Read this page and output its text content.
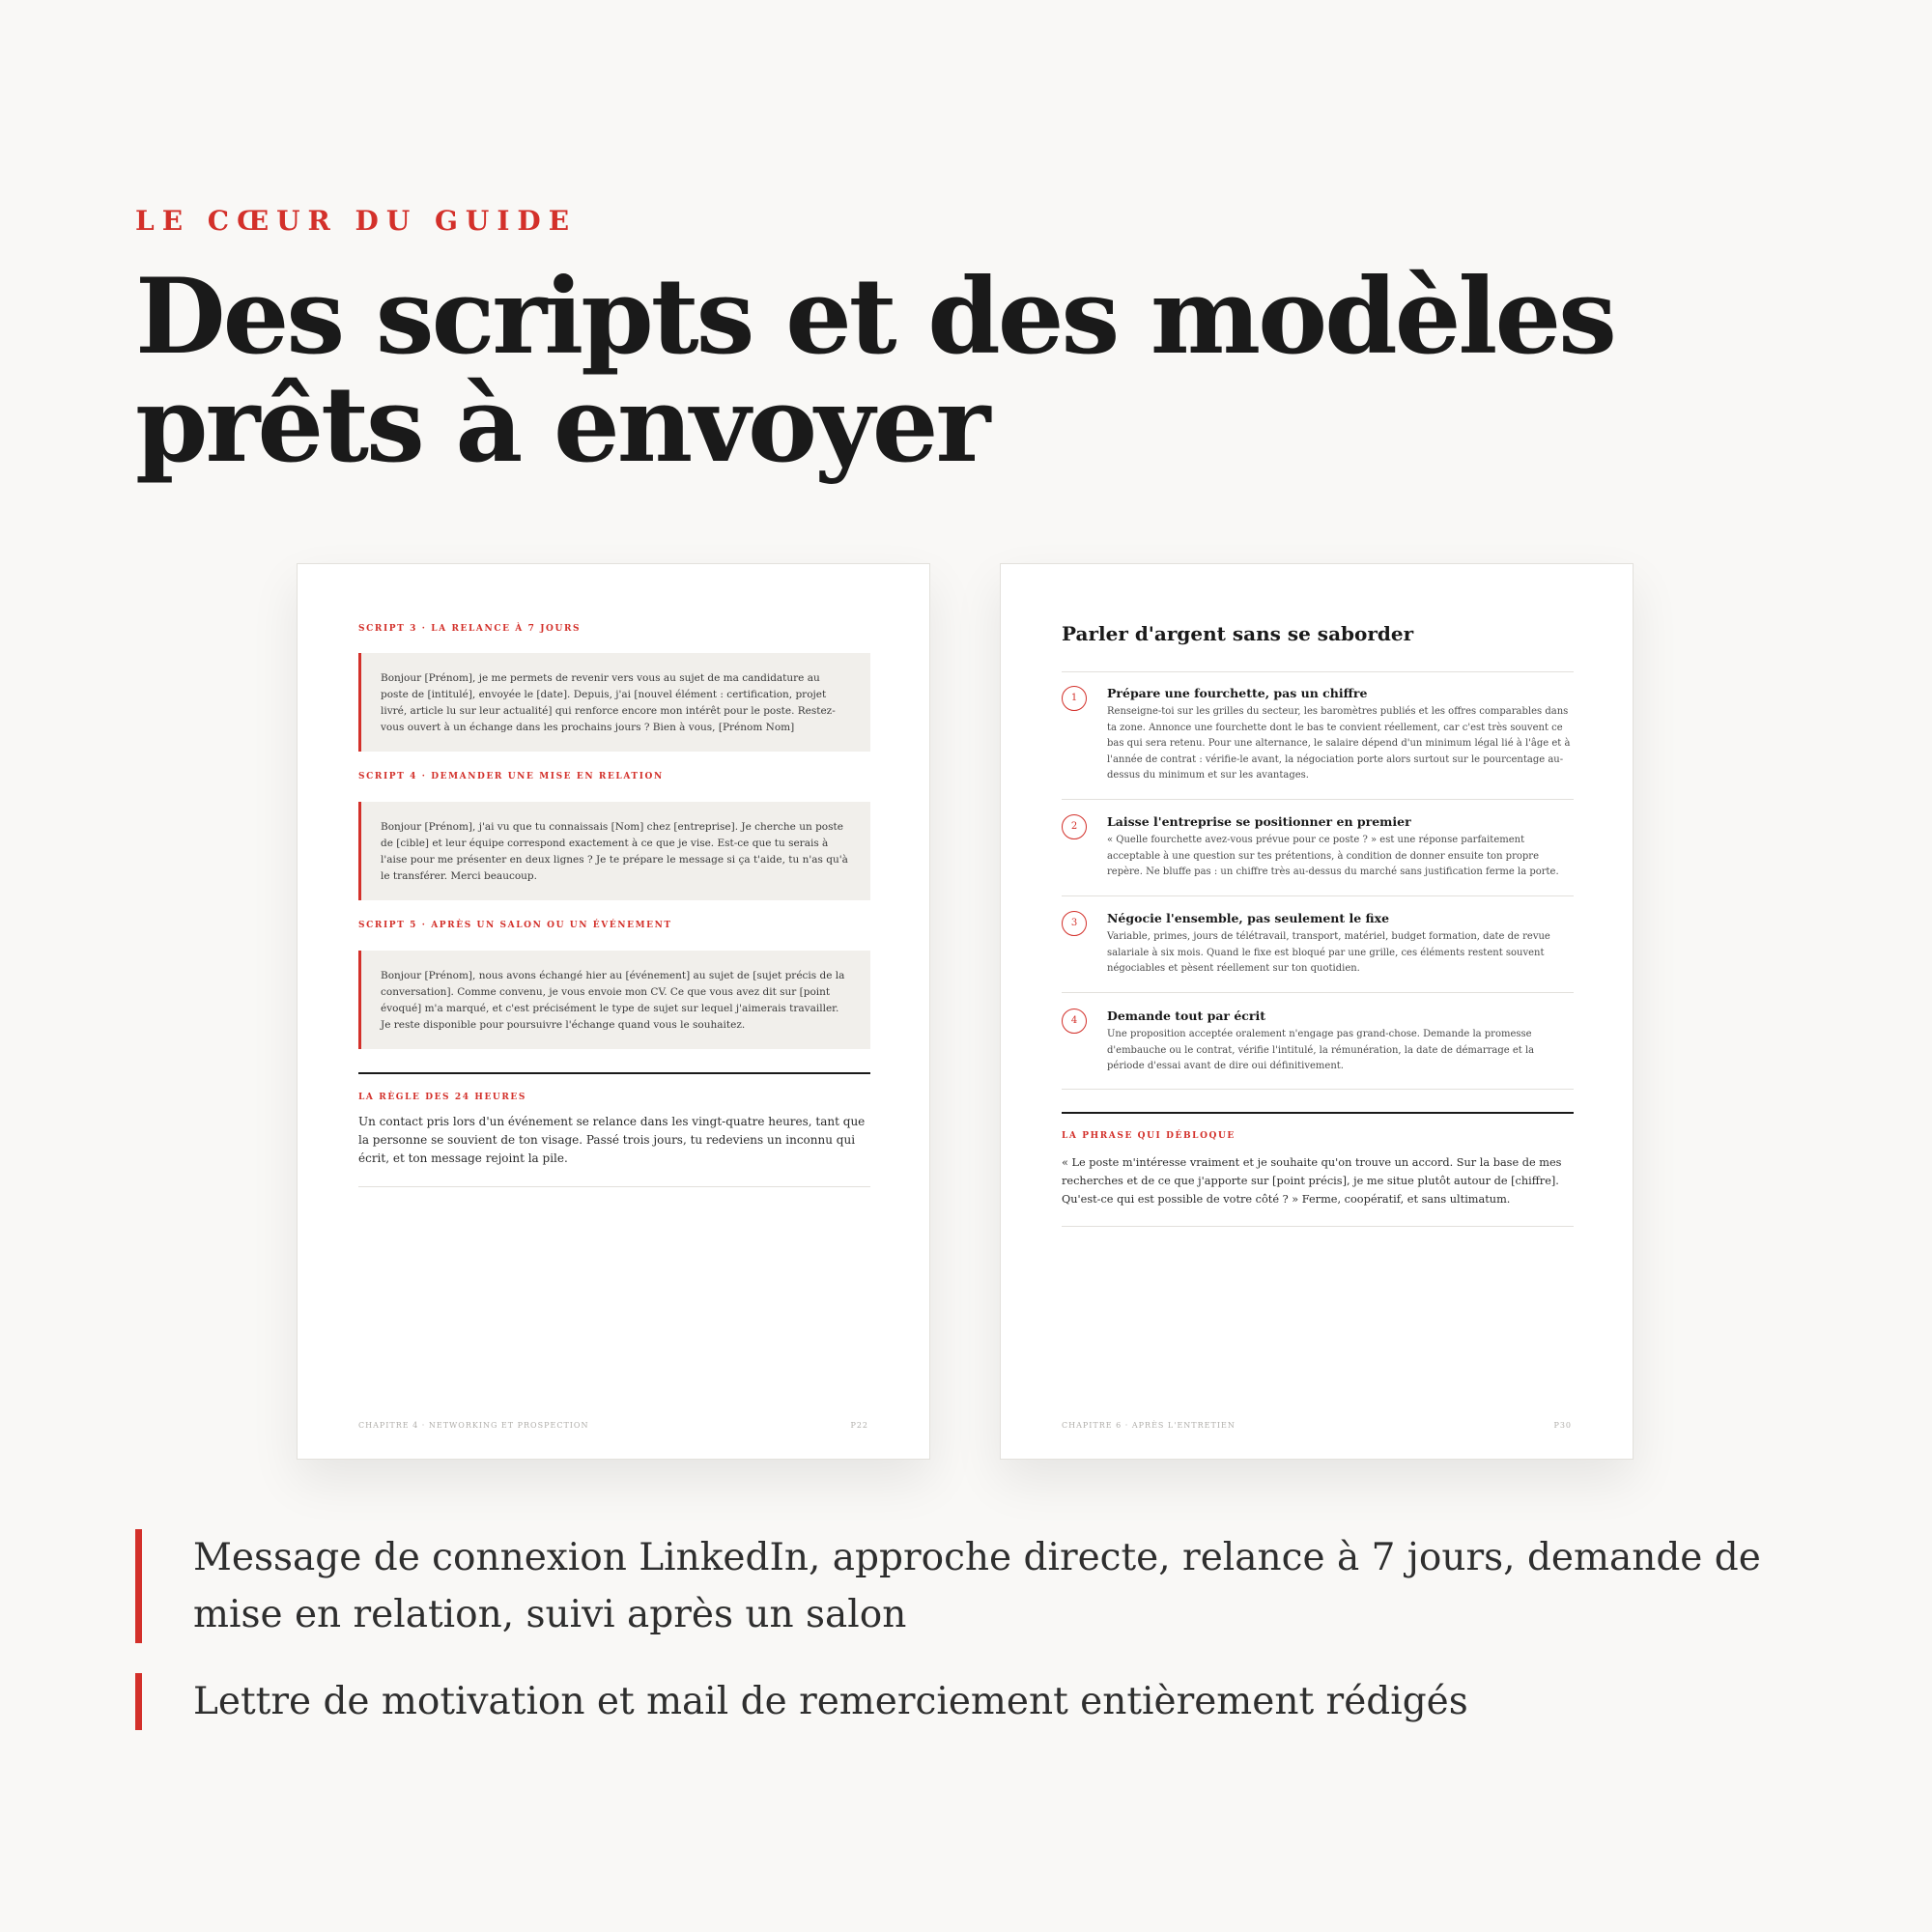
LE CŒUR DU GUIDE
Des scripts et des modèles
prêts à envoyer
SCRIPT 3 · LA RELANCE À 7 JOURS
Bonjour [Prénom], je me permets de revenir vers vous au sujet de ma candidature au poste de [intitulé], envoyée le [date]. Depuis, j'ai [nouvel élément : certification, projet livré, article lu sur leur actualité] qui renforce encore mon intérêt pour le poste. Restez-vous ouvert à un échange dans les prochains jours ? Bien à vous, [Prénom Nom]
SCRIPT 4 · DEMANDER UNE MISE EN RELATION
Bonjour [Prénom], j'ai vu que tu connaissais [Nom] chez [entreprise]. Je cherche un poste de [cible] et leur équipe correspond exactement à ce que je vise. Est-ce que tu serais à l'aise pour me présenter en deux lignes ? Je te prépare le message si ça t'aide, tu n'as qu'à le transférer. Merci beaucoup.
SCRIPT 5 · APRÈS UN SALON OU UN ÉVÉNEMENT
Bonjour [Prénom], nous avons échangé hier au [événement] au sujet de [sujet précis de la conversation]. Comme convenu, je vous envoie mon CV. Ce que vous avez dit sur [point évoqué] m'a marqué, et c'est précisément le type de sujet sur lequel j'aimerais travailler. Je reste disponible pour poursuivre l'échange quand vous le souhaitez.
LA RÈGLE DES 24 HEURES
Un contact pris lors d'un événement se relance dans les vingt-quatre heures, tant que la personne se souvient de ton visage. Passé trois jours, tu redeviens un inconnu qui écrit, et ton message rejoint la pile.
CHAPITRE 4 · NETWORKING ET PROSPECTION	P22
Parler d'argent sans se saborder
1	Prépare une fourchette, pas un chiffre
Renseigne-toi sur les grilles du secteur, les baromètres publiés et les offres comparables dans ta zone. Annonce une fourchette dont le bas te convient réellement, car c'est très souvent ce bas qui sera retenu. Pour une alternance, le salaire dépend d'un minimum légal lié à l'âge et à l'année de contrat : vérifie-le avant, la négociation porte alors surtout sur le pourcentage au-dessus du minimum et sur les avantages.
2	Laisse l'entreprise se positionner en premier
« Quelle fourchette avez-vous prévue pour ce poste ? » est une réponse parfaitement acceptable à une question sur tes prétentions, à condition de donner ensuite ton propre repère. Ne bluffe pas : un chiffre très au-dessus du marché sans justification ferme la porte.
3	Négocie l'ensemble, pas seulement le fixe
Variable, primes, jours de télétravail, transport, matériel, budget formation, date de revue salariale à six mois. Quand le fixe est bloqué par une grille, ces éléments restent souvent négociables et pèsent réellement sur ton quotidien.
4	Demande tout par écrit
Une proposition acceptée oralement n'engage pas grand-chose. Demande la promesse d'embauche ou le contrat, vérifie l'intitulé, la rémunération, la date de démarrage et la période d'essai avant de dire oui définitivement.
LA PHRASE QUI DÉBLOQUE
« Le poste m'intéresse vraiment et je souhaite qu'on trouve un accord. Sur la base de mes recherches et de ce que j'apporte sur [point précis], je me situe plutôt autour de [chiffre]. Qu'est-ce qui est possible de votre côté ? » Ferme, coopératif, et sans ultimatum.
CHAPITRE 6 · APRÈS L'ENTRETIEN	P30
Message de connexion LinkedIn, approche directe, relance à 7 jours, demande de mise en relation, suivi après un salon
Lettre de motivation et mail de remerciement entièrement rédigés
